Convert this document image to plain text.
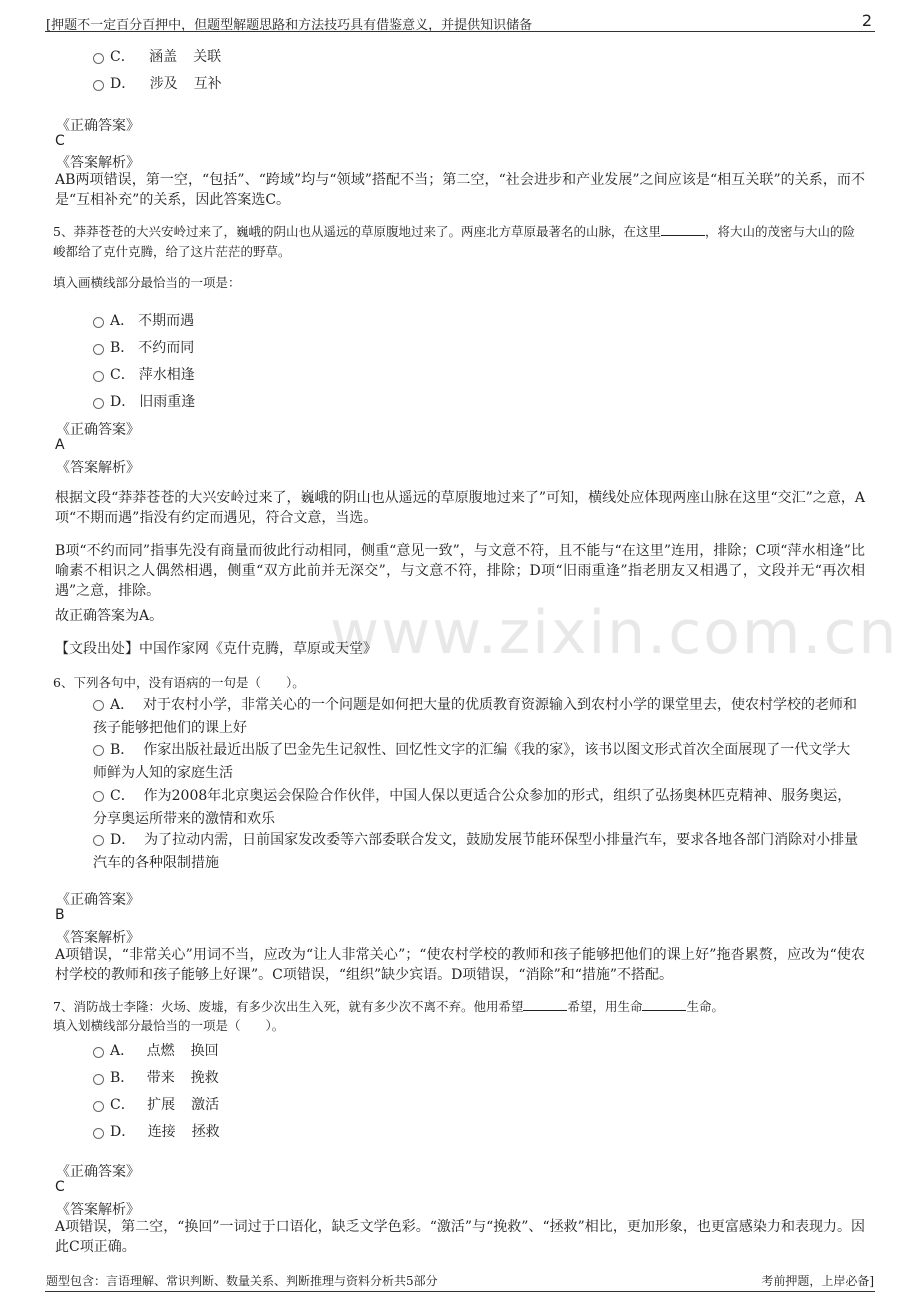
[押题不一定百分百押中，但题型解题思路和方法技巧具有借鉴意义，并提供知识储备	2
www.zixin.com.cn
C． 涵盖 关联
D． 涉及 互补
《正确答案》
C
《答案解析》
AB两项错误，第一空，“包括”、“跨域”均与“领域”搭配不当；第二空，“社会进步和产业发展”之间应该是“相互关联”的关系，而不是“互相补充”的关系，因此答案选C。
5、莽莽苍苍的大兴安岭过来了，巍峨的阴山也从遥远的草原腹地过来了。两座北方草原最著名的山脉，在这里	，将大山的茂密与大山的险峻都给了克什克腾，给了这片茫茫的野草。
填入画横线部分最恰当的一项是：
A． 不期而遇
B． 不约而同
C． 萍水相逢
D． 旧雨重逢
《正确答案》
A
《答案解析》
根据文段“莽莽苍苍的大兴安岭过来了，巍峨的阴山也从遥远的草原腹地过来了”可知，横线处应体现两座山脉在这里“交汇”之意，A项“不期而遇”指没有约定而遇见，符合文意，当选。
B项“不约而同”指事先没有商量而彼此行动相同，侧重“意见一致”，与文意不符，且不能与“在这里”连用，排除；C项“萍水相逢”比喻素不相识之人偶然相遇，侧重“双方此前并无深交”，与文意不符，排除；D项“旧雨重逢”指老朋友又相遇了，文段并无“再次相遇”之意，排除。
故正确答案为A。
【文段出处】中国作家网《克什克腾，草原或天堂》
6、下列各句中，没有语病的一句是（　　）。
A． 对于农村小学，非常关心的一个问题是如何把大量的优质教育资源输入到农村小学的课堂里去，使农村学校的老师和孩子能够把他们的课上好
B． 作家出版社最近出版了巴金先生记叙性、回忆性文字的汇编《我的家》，该书以图文形式首次全面展现了一代文学大师鲜为人知的家庭生活
C． 作为2008年北京奥运会保险合作伙伴，中国人保以更适合公众参加的形式，组织了弘扬奥林匹克精神、服务奥运，分享奥运所带来的激情和欢乐
D． 为了拉动内需，日前国家发改委等六部委联合发文，鼓励发展节能环保型小排量汽车，要求各地各部门消除对小排量汽车的各种限制措施
《正确答案》
B
《答案解析》
A项错误，“非常关心”用词不当，应改为“让人非常关心”；“使农村学校的教师和孩子能够把他们的课上好”拖沓累赘，应改为“使农村学校的教师和孩子能够上好课”。C项错误，“组织”缺少宾语。D项错误，“消除”和“措施”不搭配。
7、消防战士李隆：火场、废墟，有多少次出生入死，就有多少次不离不弃。他用希望	希望，用生命	生命。
填入划横线部分最恰当的一项是（　　）。
A． 点燃 换回
B． 带来 挽救
C． 扩展 激活
D． 连接 拯救
《正确答案》
C
《答案解析》
A项错误，第二空，“换回”一词过于口语化，缺乏文学色彩。“激活”与“挽救”、“拯救”相比，更加形象，也更富感染力和表现力。因此C项正确。
题型包含：言语理解、常识判断、数量关系、判断推理与资料分析共5部分	考前押题，上岸必备]
